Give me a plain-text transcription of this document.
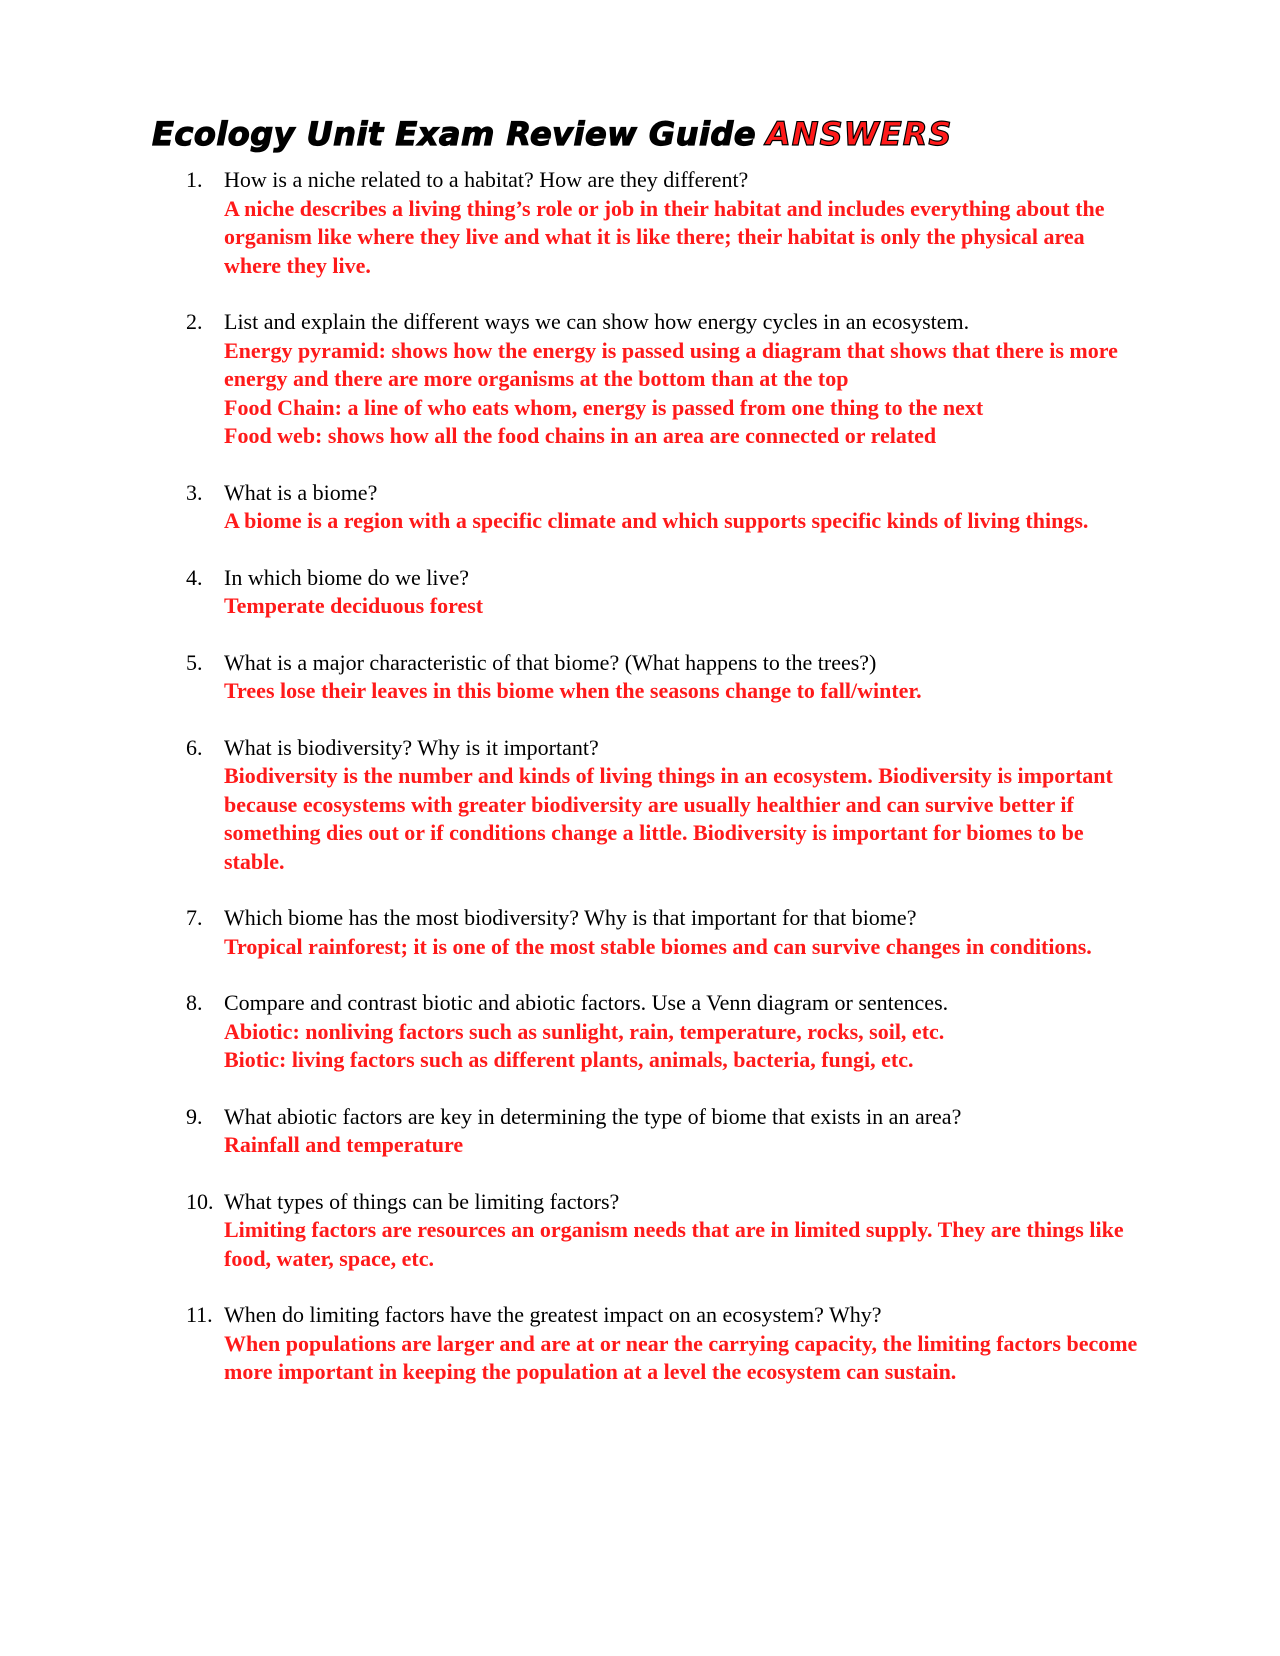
Ecology Unit Exam Review Guide ANSWERS
1. How is a niche related to a habitat? How are they different?
A niche describes a living thing’s role or job in their habitat and includes everything about the organism like where they live and what it is like there; their habitat is only the physical area where they live.
2. List and explain the different ways we can show how energy cycles in an ecosystem.
Energy pyramid: shows how the energy is passed using a diagram that shows that there is more energy and there are more organisms at the bottom than at the top
Food Chain: a line of who eats whom, energy is passed from one thing to the next
Food web: shows how all the food chains in an area are connected or related
3. What is a biome?
A biome is a region with a specific climate and which supports specific kinds of living things.
4. In which biome do we live?
Temperate deciduous forest
5. What is a major characteristic of that biome? (What happens to the trees?)
Trees lose their leaves in this biome when the seasons change to fall/winter.
6. What is biodiversity? Why is it important?
Biodiversity is the number and kinds of living things in an ecosystem. Biodiversity is important because ecosystems with greater biodiversity are usually healthier and can survive better if something dies out or if conditions change a little. Biodiversity is important for biomes to be stable.
7. Which biome has the most biodiversity? Why is that important for that biome?
Tropical rainforest; it is one of the most stable biomes and can survive changes in conditions.
8. Compare and contrast biotic and abiotic factors. Use a Venn diagram or sentences.
Abiotic: nonliving factors such as sunlight, rain, temperature, rocks, soil, etc.
Biotic: living factors such as different plants, animals, bacteria, fungi, etc.
9. What abiotic factors are key in determining the type of biome that exists in an area?
Rainfall and temperature
10. What types of things can be limiting factors?
Limiting factors are resources an organism needs that are in limited supply. They are things like food, water, space, etc.
11. When do limiting factors have the greatest impact on an ecosystem? Why?
When populations are larger and are at or near the carrying capacity, the limiting factors become more important in keeping the population at a level the ecosystem can sustain.
